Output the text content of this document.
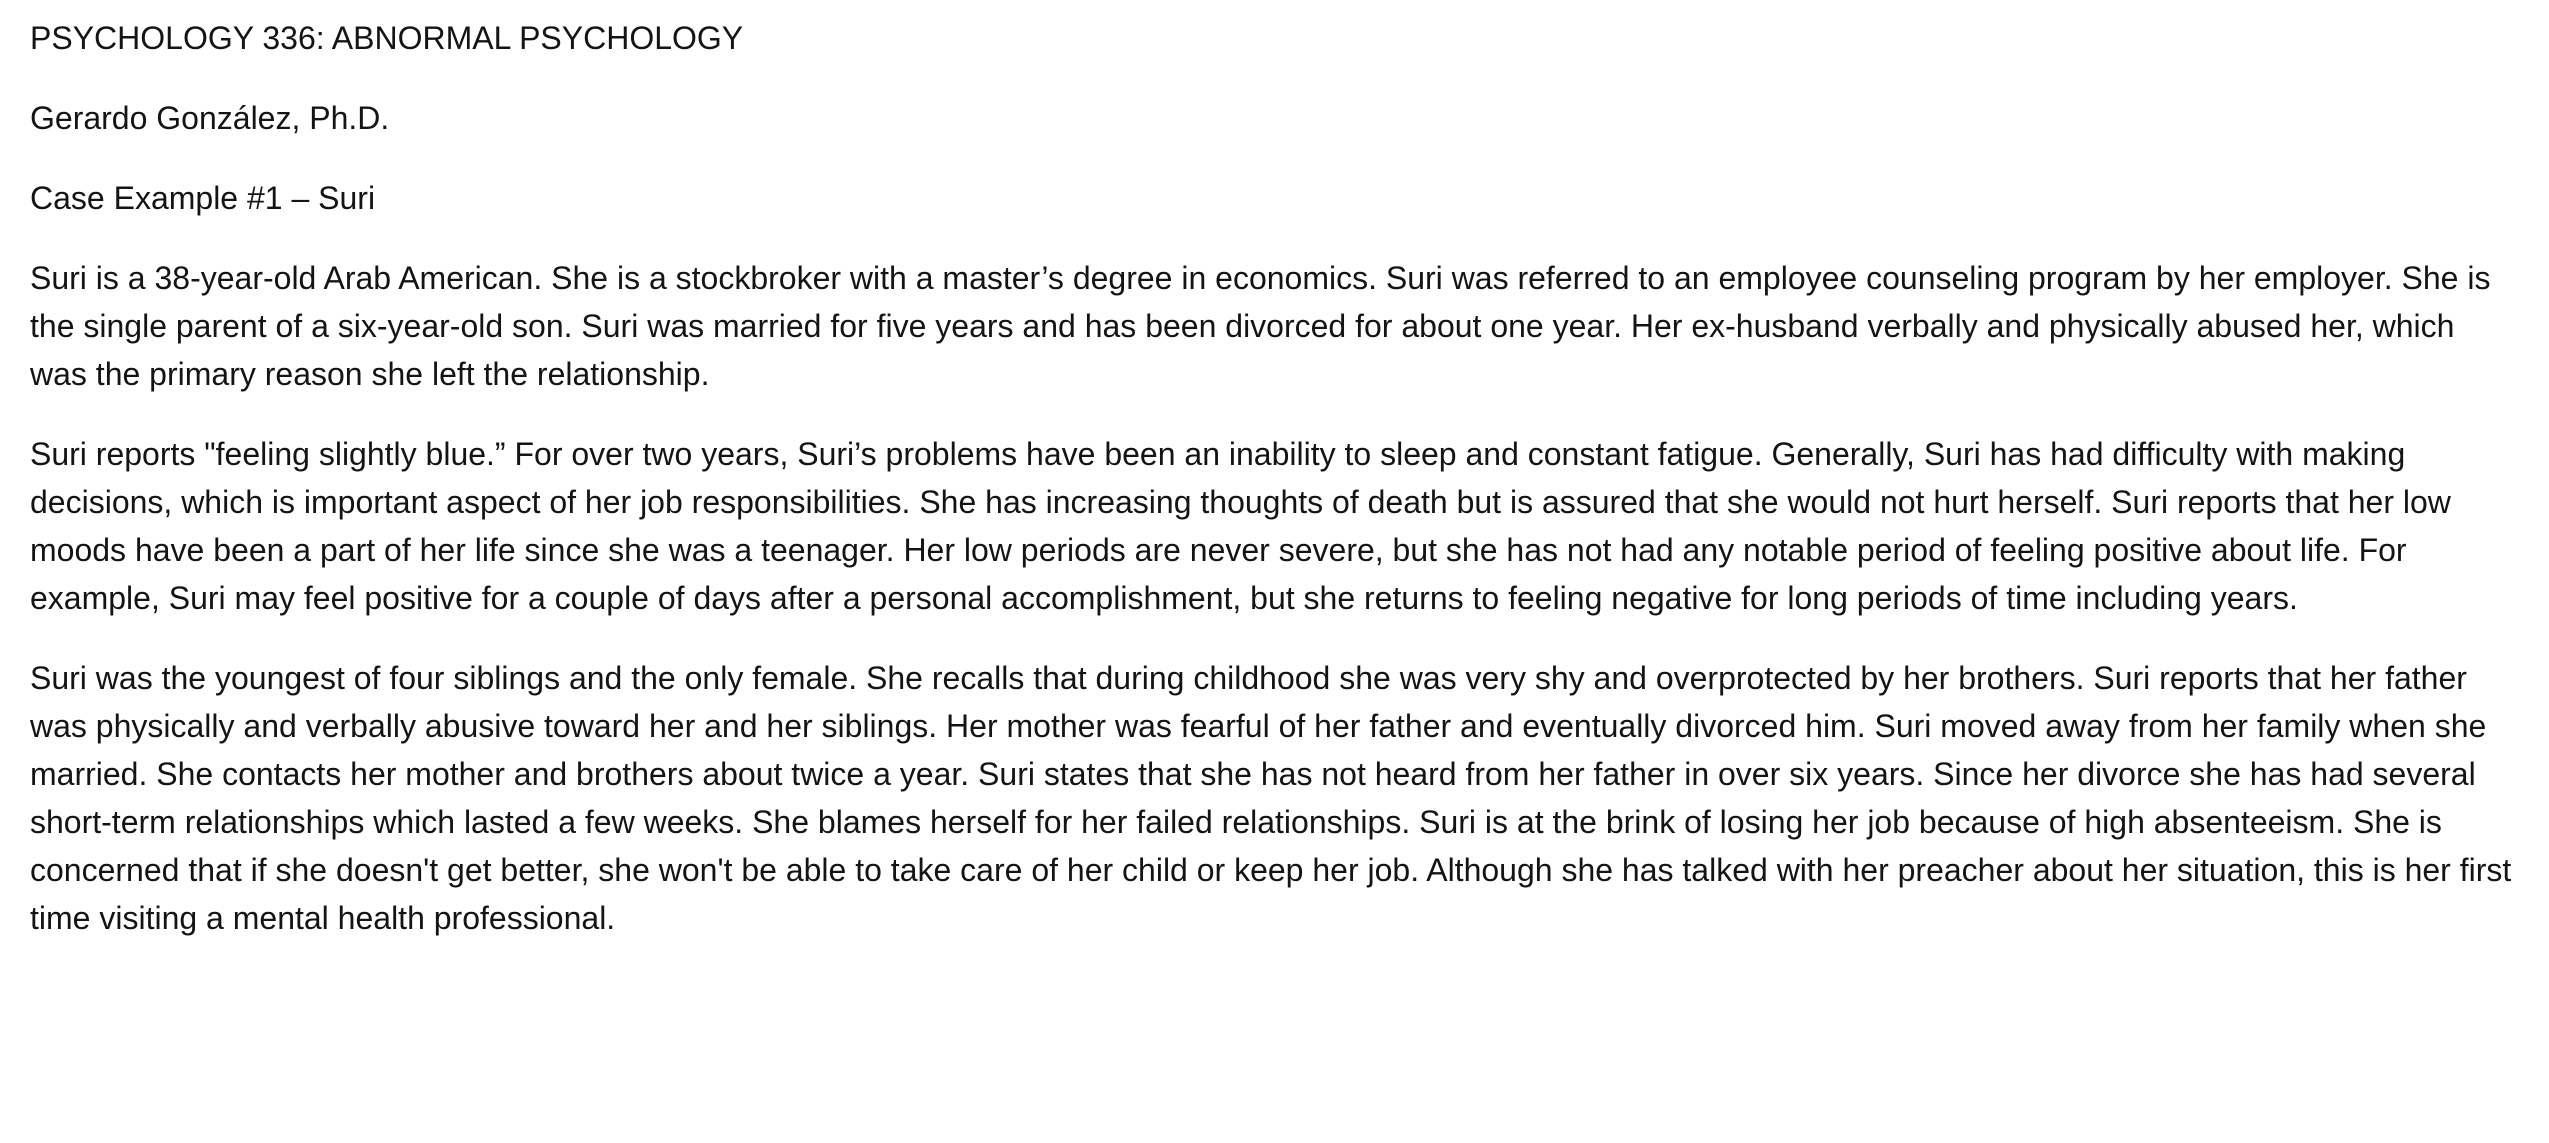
PSYCHOLOGY 336: ABNORMAL PSYCHOLOGY

Gerardo González, Ph.D.

Case Example #1 – Suri

Suri is a 38-year-old Arab American. She is a stockbroker with a master’s degree in economics. Suri was referred to an employee counseling program by her employer. She is the single parent of a six-year-old son. Suri was married for five years and has been divorced for about one year. Her ex-husband verbally and physically abused her, which was the primary reason she left the relationship.

Suri reports "feeling slightly blue.” For over two years, Suri’s problems have been an inability to sleep and constant fatigue. Generally, Suri has had difficulty with making decisions, which is important aspect of her job responsibilities. She has increasing thoughts of death but is assured that she would not hurt herself. Suri reports that her low moods have been a part of her life since she was a teenager. Her low periods are never severe, but she has not had any notable period of feeling positive about life. For example, Suri may feel positive for a couple of days after a personal accomplishment, but she returns to feeling negative for long periods of time including years.

Suri was the youngest of four siblings and the only female. She recalls that during childhood she was very shy and overprotected by her brothers. Suri reports that her father was physically and verbally abusive toward her and her siblings. Her mother was fearful of her father and eventually divorced him. Suri moved away from her family when she married. She contacts her mother and brothers about twice a year. Suri states that she has not heard from her father in over six years. Since her divorce she has had several short-term relationships which lasted a few weeks. She blames herself for her failed relationships. Suri is at the brink of losing her job because of high absenteeism. She is concerned that if she doesn't get better, she won't be able to take care of her child or keep her job. Although she has talked with her preacher about her situation, this is her first time visiting a mental health professional.
